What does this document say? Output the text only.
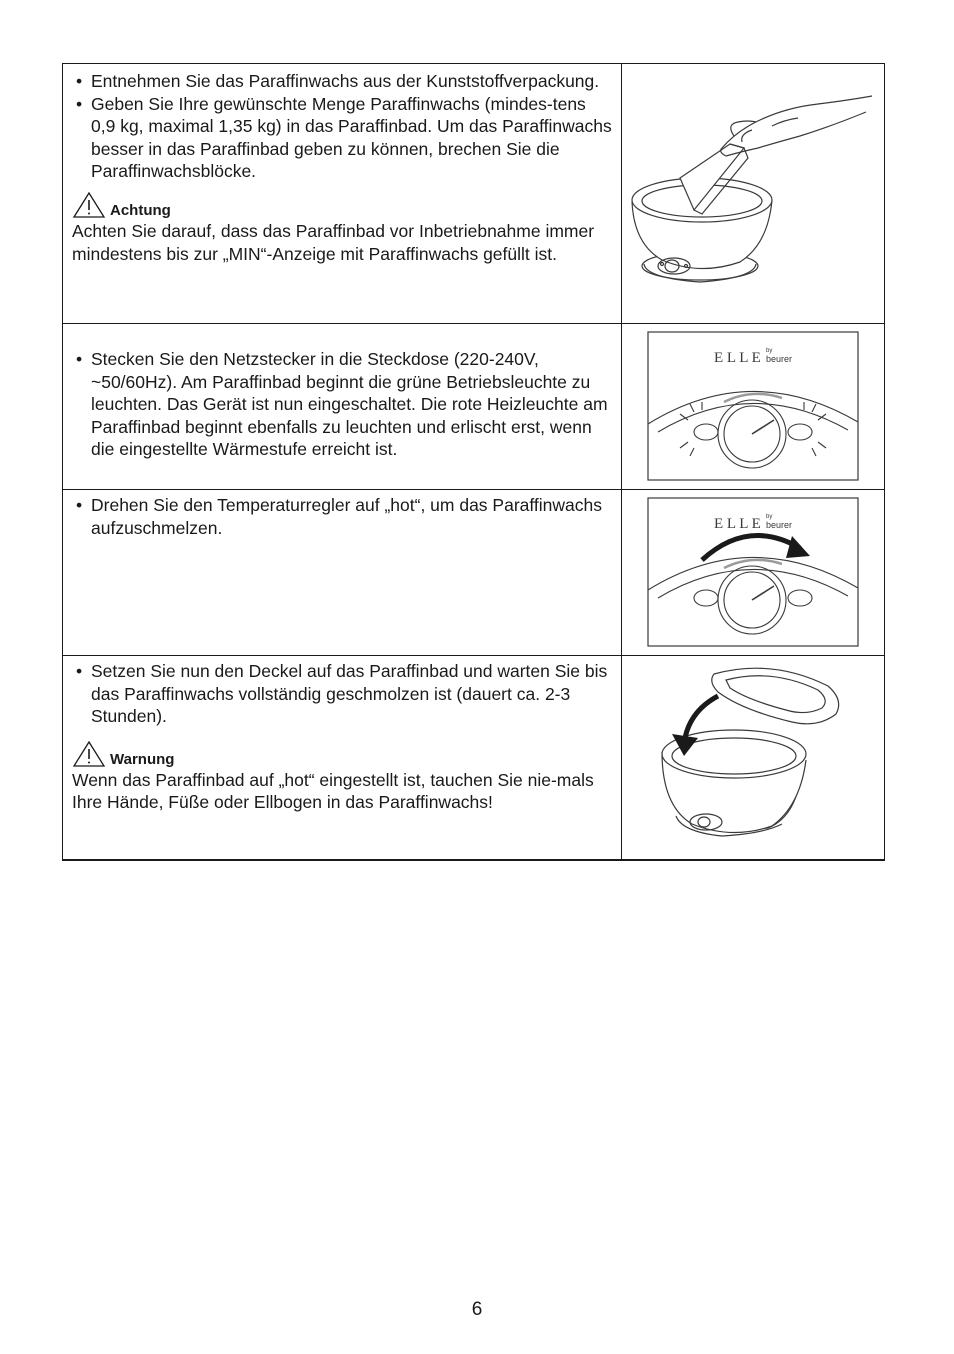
• Entnehmen Sie das Paraffinwachs aus der Kunststoffverpackung.
• Geben Sie Ihre gewünschte Menge Paraffinwachs (mindes-tens 0,9 kg, maximal 1,35 kg) in das Paraffinbad. Um das Paraffinwachs besser in das Paraffinbad geben zu können, brechen Sie die Paraffinwachsblöcke.
Achtung

Achten Sie darauf, dass das Paraffinbad vor Inbetriebnahme immer mindestens bis zur „MIN“-Anzeige mit Paraffinwachs gefüllt ist.

• Stecken Sie den Netzstecker in die Steckdose (220-240V, ~50/60Hz). Am Paraffinbad beginnt die grüne Betriebsleuchte zu leuchten. Das Gerät ist nun eingeschaltet. Die rote Heizleuchte am Paraffinbad beginnt ebenfalls zu leuchten und erlischt erst, wenn die eingestellte Wärmestufe erreicht ist.
E L L E by
beurer
• Drehen Sie den Temperaturregler auf „hot“, um das Paraffinwachs aufzuschmelzen.	E L L E by
beurer
• Setzen Sie nun den Deckel auf das Paraffinbad und warten Sie bis das Paraffinwachs vollständig geschmolzen ist (dauert ca. 2-3 Stunden).
Warnung

Wenn das Paraffinbad auf „hot“ eingestellt ist, tauchen Sie nie-mals Ihre Hände, Füße oder Ellbogen in das Paraffinwachs!

6
